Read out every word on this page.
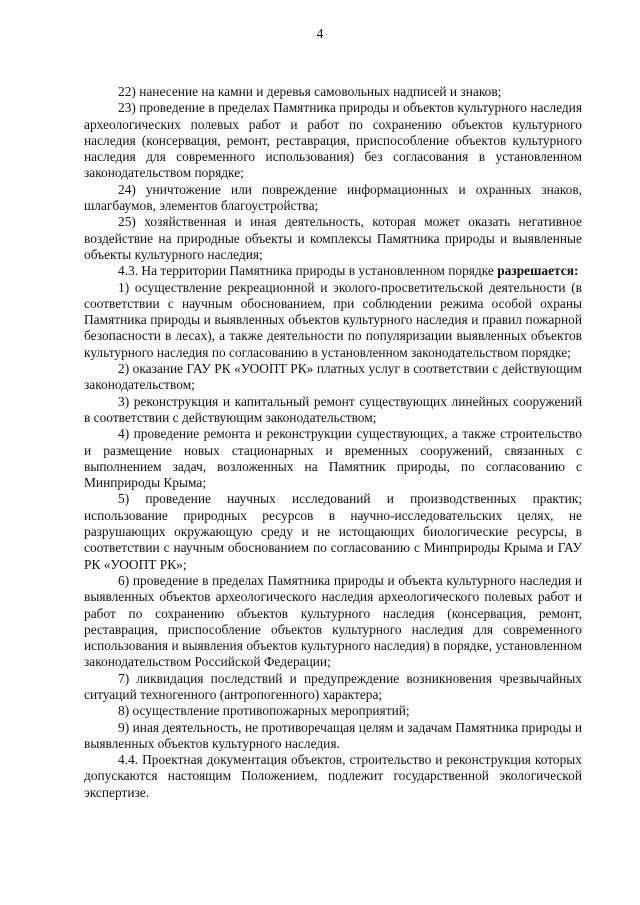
4

22) нанесение на камни и деревья самовольных надписей и знаков;

23) проведение в пределах Памятника природы и объектов культурного наследия археологических полевых работ и работ по сохранению объектов культурного наследия (консервация, ремонт, реставрация, приспособление объектов культурного наследия для современного использования) без согласования в установленном законодательством порядке;

24) уничтожение или повреждение информационных и охранных знаков, шлагбаумов, элементов благоустройства;

25) хозяйственная и иная деятельность, которая может оказать негативное воздействие на природные объекты и комплексы Памятника природы и выявленные объекты культурного наследия;

4.3. На территории Памятника природы в установленном порядке разрешается:

1) осуществление рекреационной и эколого-просветительской деятельности (в соответствии с научным обоснованием, при соблюдении режима особой охраны Памятника природы и выявленных объектов культурного наследия и правил пожарной безопасности в лесах), а также деятельности по популяризации выявленных объектов культурного наследия по согласованию в установленном законодательством порядке;

2) оказание ГАУ РК «УООПТ РК» платных услуг в соответствии с действующим законодательством;

3) реконструкция и капитальный ремонт существующих линейных сооружений в соответствии с действующим законодательством;

4) проведение ремонта и реконструкции существующих, а также строительство и размещение новых стационарных и временных сооружений, связанных с выполнением задач, возложенных на Памятник природы, по согласованию с Минприроды Крыма;

5) проведение научных исследований и производственных практик; использование природных ресурсов в научно-исследовательских целях, не разрушающих окружающую среду и не истощающих биологические ресурсы, в соответствии с научным обоснованием по согласованию с Минприроды Крыма и ГАУ РК «УООПТ РК»;

6) проведение в пределах Памятника природы и объекта культурного наследия и выявленных объектов археологического наследия археологического полевых работ и работ по сохранению объектов культурного наследия (консервация, ремонт, реставрация, приспособление объектов культурного наследия для современного использования и выявления объектов культурного наследия) в порядке, установленном законодательством Российской Федерации;

7) ликвидация последствий и предупреждение возникновения чрезвычайных ситуаций техногенного (антропогенного) характера;

8) осуществление противопожарных мероприятий;

9) иная деятельность, не противоречащая целям и задачам Памятника природы и выявленных объектов культурного наследия.

4.4. Проектная документация объектов, строительство и реконструкция которых допускаются настоящим Положением, подлежит государственной экологической экспертизе.
